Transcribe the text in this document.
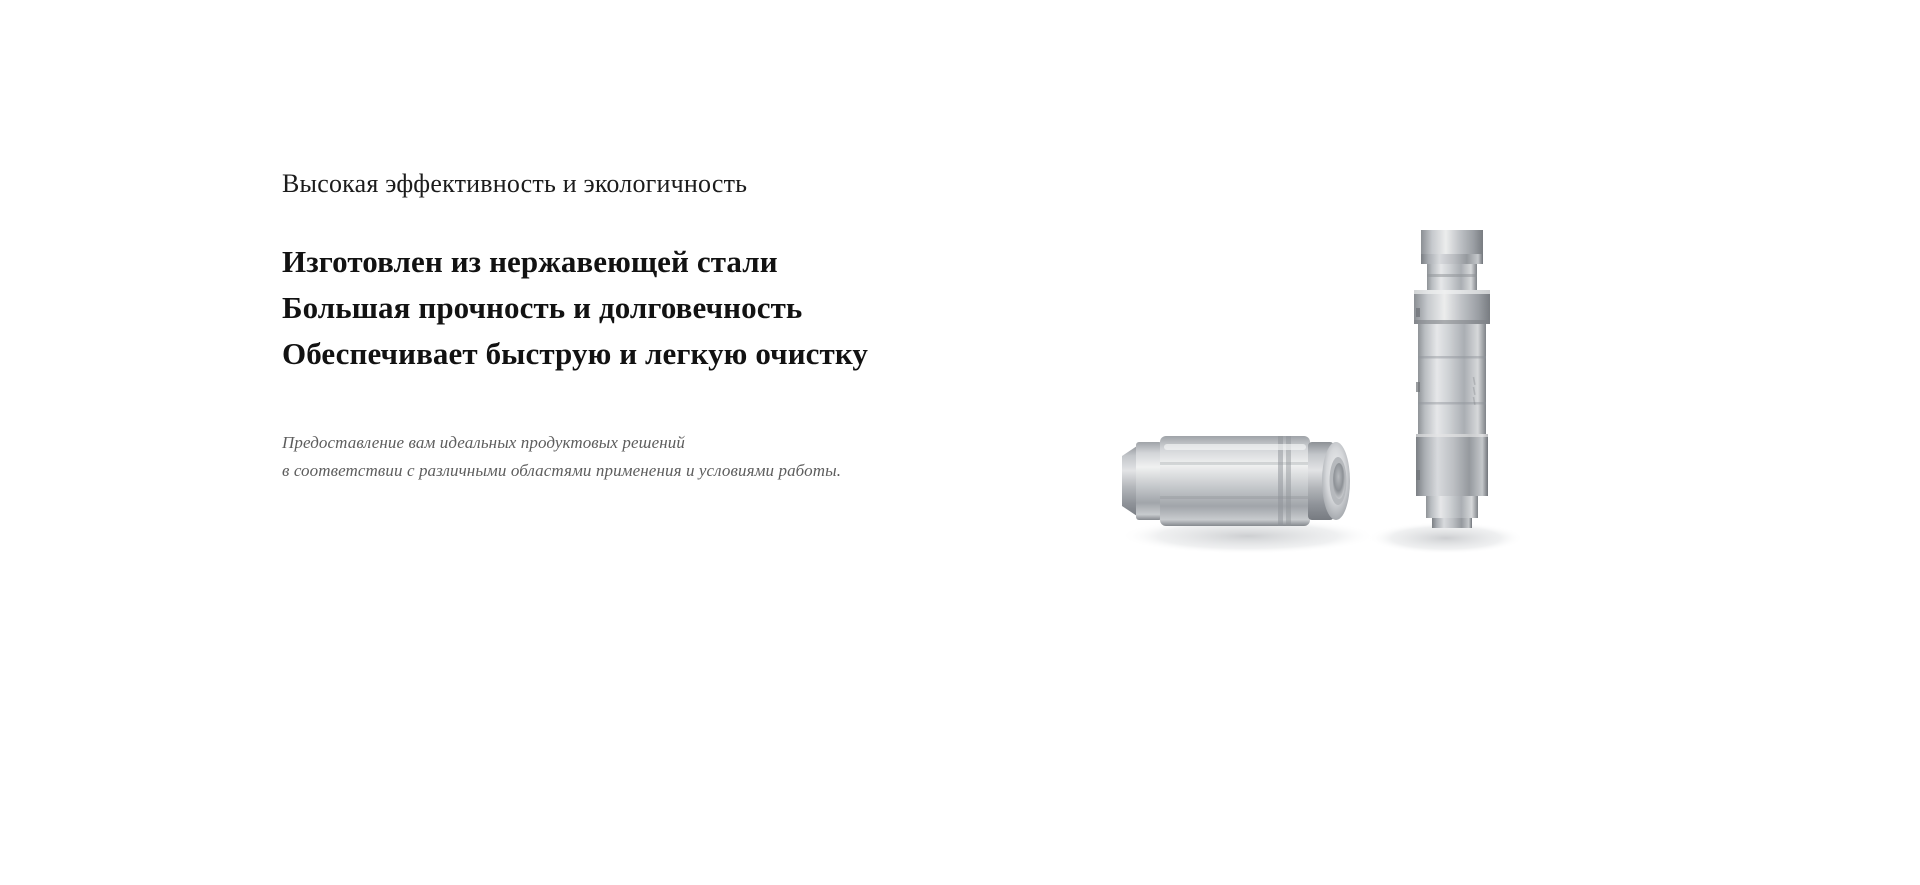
Высокая эффективность и экологичность

Изготовлен из нержавеющей стали
Большая прочность и долговечность
Обеспечивает быструю и легкую очистку
Предоставление вам идеальных продуктовых решений
в соответствии с различными областями применения и условиями работы.
